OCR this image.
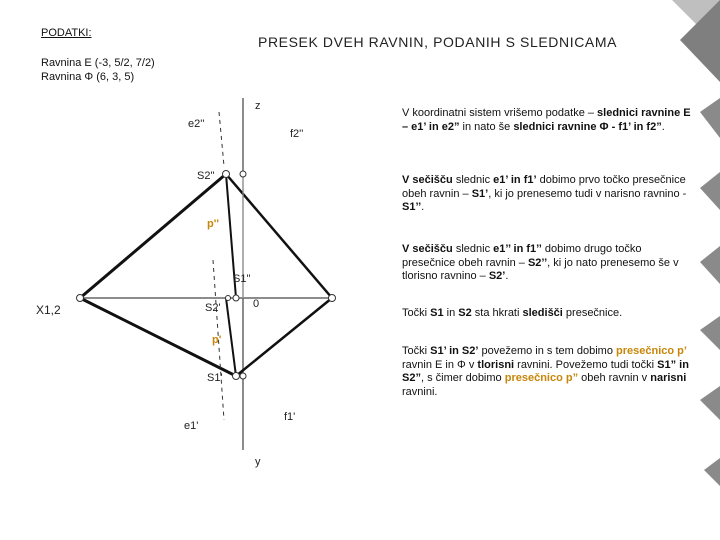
PODATKI:
PRESEK DVEH RAVNIN, PODANIH S SLEDNICAMA
Ravnina E (-3, 5/2, 7/2)
Ravnina Φ (6, 3, 5)
z
y
X1,2	0
e2''
f2''
S2''
p''
S1''
S2'
p'
S1'
e1'
f1'
V koordinatni sistem vrišemo podatke – slednici ravnine E – e1’ in e2” in nato še slednici ravnine Φ - f1’ in f2”.
V sečišču slednic e1’ in f1’ dobimo prvo točko presečnice obeh ravnin – S1’, ki jo prenesemo tudi v narisno ravnino - S1’’.
V sečišču slednic e1’’ in f1’’ dobimo drugo točko presečnice obeh ravnin – S2’’, ki jo nato prenesemo še v tlorisno ravnino – S2’.
Točki S1 in S2 sta hkrati sledišči presečnice.
Točki S1’ in S2’ povežemo in s tem dobimo presečnico p’ ravnin E in Φ v tlorisni ravnini. Povežemo tudi točki S1” in S2”, s čimer dobimo presečnico p” obeh ravnin v narisni ravnini.
